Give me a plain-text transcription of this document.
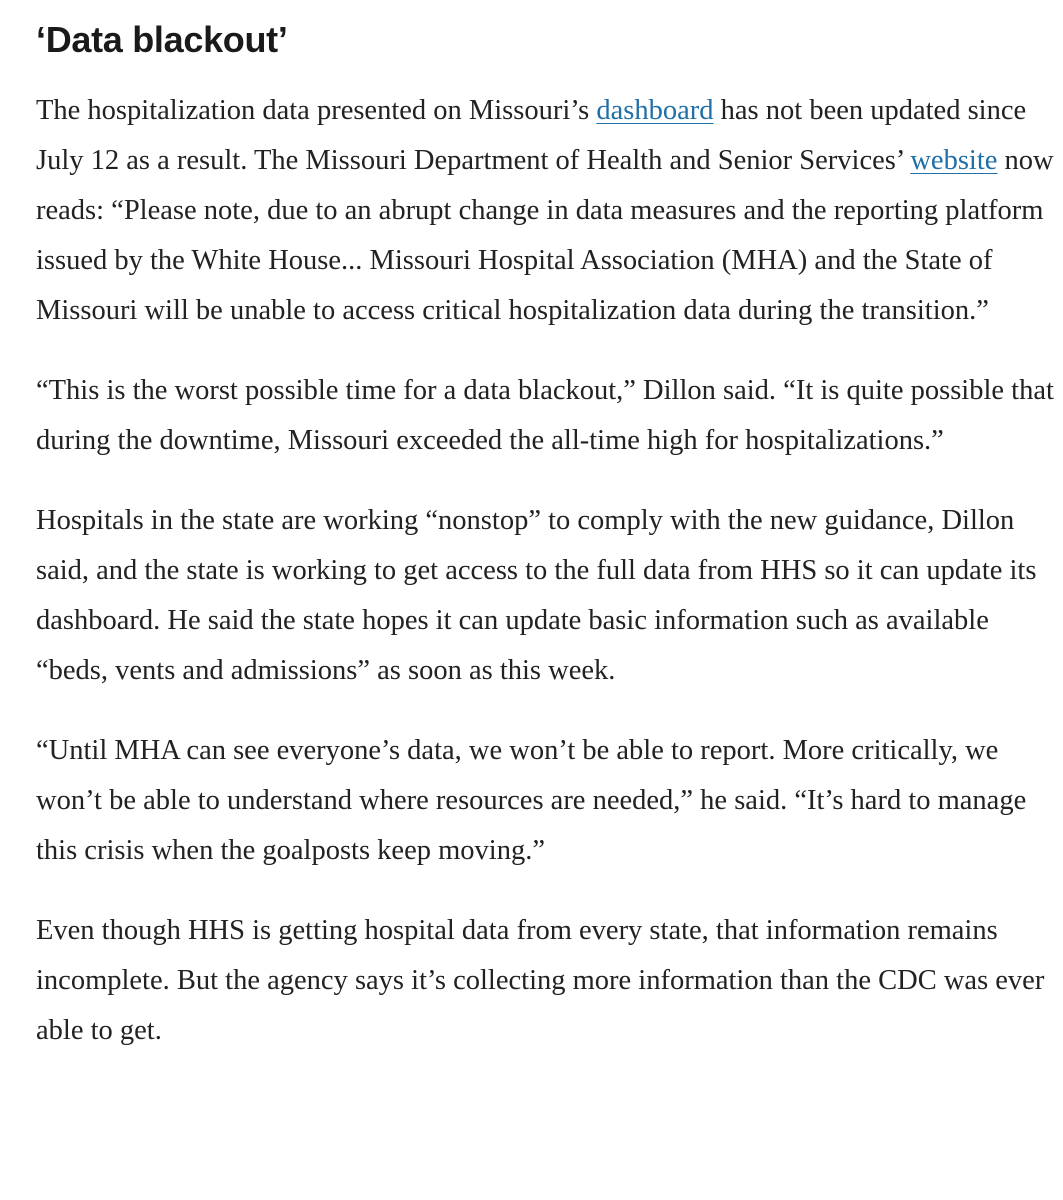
‘Data blackout’

The hospitalization data presented on Missouri’s dashboard has not been updated since July 12 as a result. The Missouri Department of Health and Senior Services’ website now reads: “Please note, due to an abrupt change in data measures and the reporting platform issued by the White House... Missouri Hospital Association (MHA) and the State of Missouri will be unable to access critical hospitalization data during the transition.”

“This is the worst possible time for a data blackout,” Dillon said. “It is quite possible that during the downtime, Missouri exceeded the all-time high for hospitalizations.”

Hospitals in the state are working “nonstop” to comply with the new guidance, Dillon said, and the state is working to get access to the full data from HHS so it can update its dashboard. He said the state hopes it can update basic information such as available “beds, vents and admissions” as soon as this week.

“Until MHA can see everyone’s data, we won’t be able to report. More critically, we won’t be able to understand where resources are needed,” he said. “It’s hard to manage this crisis when the goalposts keep moving.”

Even though HHS is getting hospital data from every state, that information remains incomplete. But the agency says it’s collecting more information than the CDC was ever able to get.
